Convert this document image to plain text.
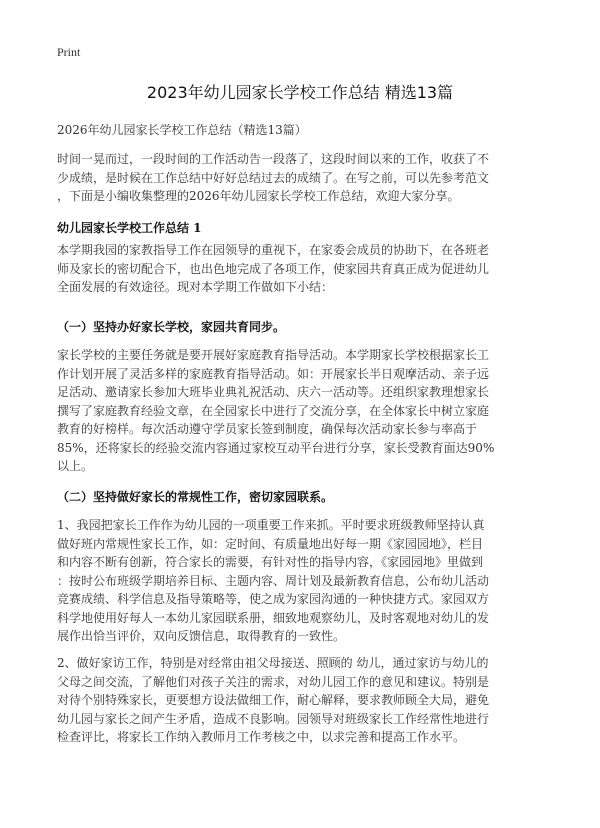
Print
2023年幼儿园家长学校工作总结 精选13篇
2026年幼儿园家长学校工作总结（精选13篇）
时间一晃而过，一段时间的工作活动告一段落了，这段时间以来的工作，收获了不
少成绩，是时候在工作总结中好好总结过去的成绩了。在写之前，可以先参考范文
，下面是小编收集整理的2026年幼儿园家长学校工作总结，欢迎大家分享。
幼儿园家长学校工作总结 1
本学期我园的家教指导工作在园领导的重视下，在家委会成员的协助下，在各班老
师及家长的密切配合下，也出色地完成了各项工作，使家园共育真正成为促进幼儿
全面发展的有效途径。现对本学期工作做如下小结：
（一）坚持办好家长学校，家园共育同步。
家长学校的主要任务就是要开展好家庭教育指导活动。本学期家长学校根据家长工
作计划开展了灵活多样的家庭教育指导活动。如：开展家长半日观摩活动、亲子远
足活动、邀请家长参加大班毕业典礼祝活动、庆六一活动等。还组织家教理想家长
撰写了家庭教育经验文章，在全园家长中进行了交流分享，在全体家长中树立家庭
教育的好榜样。每次活动遵守学员家长签到制度，确保每次活动家长参与率高于
85%，还将家长的经验交流内容通过家校互动平台进行分享，家长受教育面达90%
以上。
（二）坚持做好家长的常规性工作，密切家园联系。
1、我园把家长工作作为幼儿园的一项重要工作来抓。平时要求班级教师坚持认真
做好班内常规性家长工作，如：定时间、有质量地出好每一期《家园园地》，栏目
和内容不断有创新，符合家长的需要，有针对性的指导内容，《家园园地》里做到
：按时公布班级学期培养目标、主题内容、周计划及最新教育信息，公布幼儿活动
竞赛成绩、科学信息及指导策略等，使之成为家园沟通的一种快捷方式。家园双方
科学地使用好每人一本幼儿家园联系册，细致地观察幼儿，及时客观地对幼儿的发
展作出恰当评价，双向反馈信息，取得教育的一致性。
2、做好家访工作，特别是对经常由祖父母接送、照顾的 幼儿，通过家访与幼儿的
父母之间交流，了解他们对孩子关注的需求，对幼儿园工作的意见和建议。特别是
对待个别特殊家长，更要想方设法做细工作，耐心解释，要求教师顾全大局，避免
幼儿园与家长之间产生矛盾，造成不良影响。园领导对班级家长工作经常性地进行
检查评比，将家长工作纳入教师月工作考核之中，以求完善和提高工作水平。
